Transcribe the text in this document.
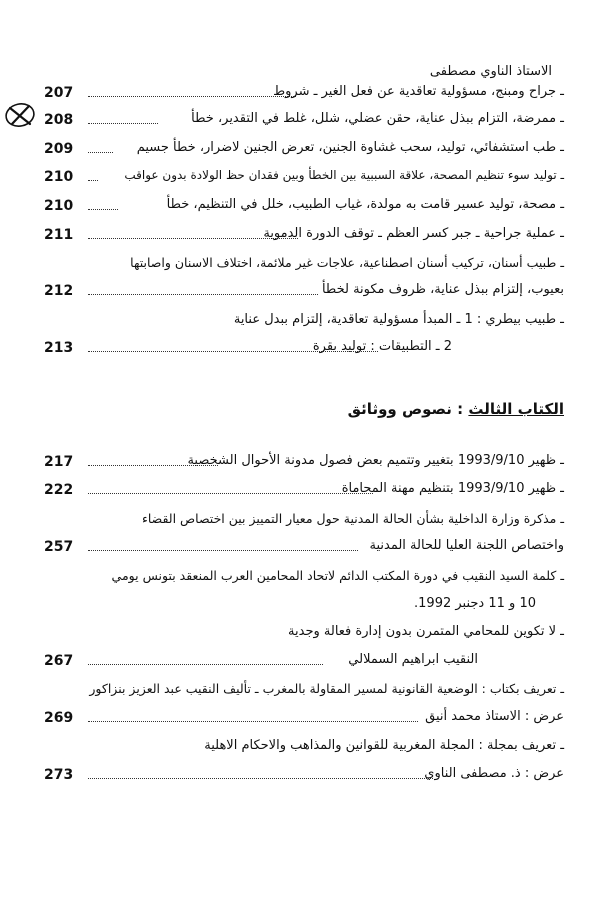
الاستاذ الناوي مصطفى
207	ـ جراح ومبنج، مسؤولية تعاقدية عن فعل الغير ـ شروط
208	ـ ممرضة، التزام ببذل عناية، حقن عضلي، شلل، غلط في التقدير، خطأ
209	ـ طب استشفائي، توليد، سحب غشاوة الجنين، تعرض الجنين لاضرار، خطأ جسيم
210	ـ توليد سوء تنظيم المصحة، علاقة السببية بين الخطأ وبين فقدان حظ الولادة بدون عواقب
210	ـ مصحة، توليد عسير قامت به مولدة، غياب الطبيب، خلل في التنظيم، خطأ
211	ـ عملية جراحية ـ جبر كسر العظم ـ توقف الدورة الدموية
ـ طبيب أسنان، تركيب أسنان اصطناعية، علاجات غير ملائمة، اختلاف الاسنان واصابتها
212	بعيوب، إلتزام ببذل عناية، ظروف مكونة لخطأ
ـ طبيب بيطري : 1 ـ المبدأ مسؤولية تعاقدية، إلتزام ببدل عناية
213	2 ـ التطبيقات : توليد بقرة
الكتاب الثالث : نصوص ووثائق
217	ـ ظهير 1993/9/10 بتغيير وتتميم بعض فصول مدونة الأحوال الشخصية
222	ـ ظهير 1993/9/10 بتنظيم مهنة المحاماة
ـ مذكرة وزارة الداخلية بشأن الحالة المدنية حول معيار التمييز بين اختصاص القضاء
257	واختصاص اللجنة العليا للحالة المدنية
ـ كلمة السيد النقيب في دورة المكتب الدائم لاتحاد المحامين العرب المنعقد بتونس يومي
10 و 11 دجنبر 1992.
ـ لا تكوين للمحامي المتمرن بدون إدارة فعالة وجدية
267	النقيب ابراهيم السملالي
ـ تعريف بكتاب : الوضعية القانونية لمسير المقاولة بالمغرب ـ تأليف النقيب عبد العزيز بنزاكور
269	عرض : الاستاذ محمد أنيق
ـ تعريف بمجلة : المجلة المغربية للقوانين والمذاهب والاحكام الاهلية
273	عرض : ذ. مصطفى الناوي
